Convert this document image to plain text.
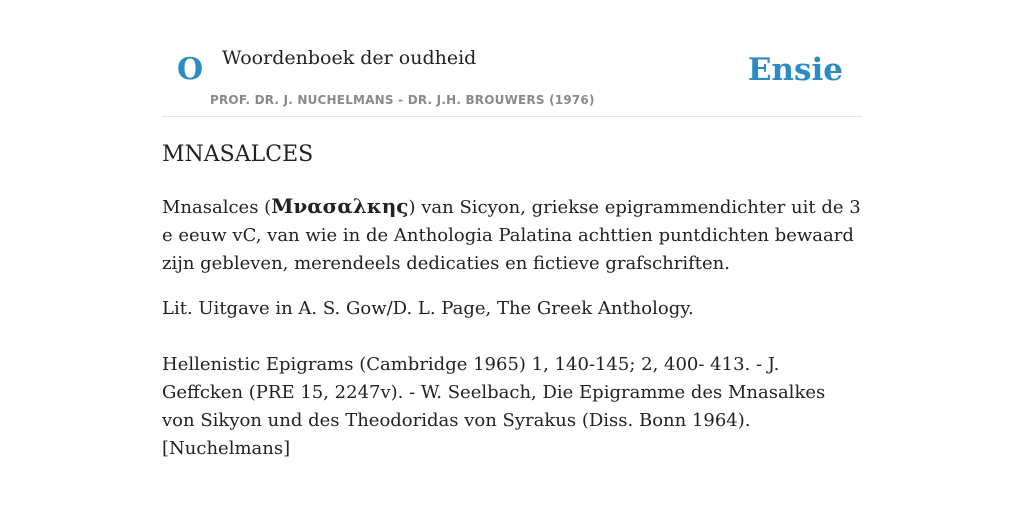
O Woordenboek der oudheid
PROF. DR. J. NUCHELMANS - DR. J.H. BROUWERS (1976)
Ensie
MNASALCES

Mnasalces (Μνασαλκης) van Sicyon, griekse epigrammendichter uit de 3 e eeuw vC, van wie in de Anthologia Palatina achttien puntdichten bewaard zijn gebleven, merendeels dedicaties en fictieve grafschriften.

Lit. Uitgave in A. S. Gow/D. L. Page, The Greek Anthology.

Hellenistic Epigrams (Cambridge 1965) 1, 140-145; 2, 400- 413. - J. Geffcken (PRE 15, 2247v). - W. Seelbach, Die Epigramme des Mnasalkes von Sikyon und des Theodoridas von Syrakus (Diss. Bonn 1964). [Nuchelmans]
